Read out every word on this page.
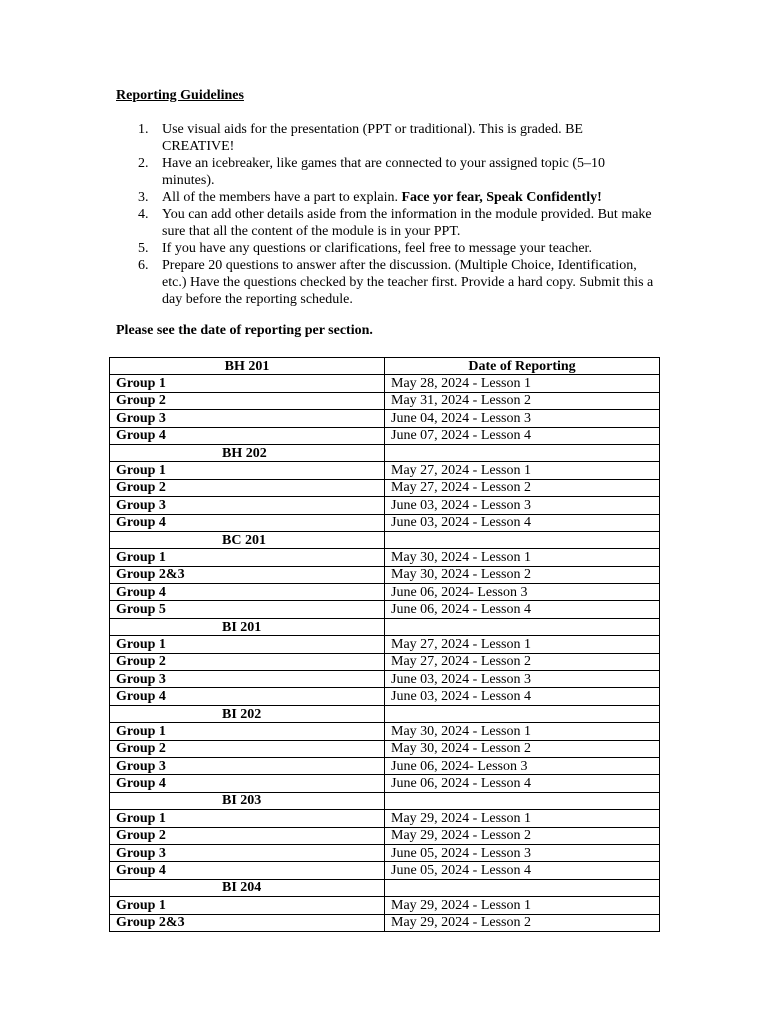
Reporting Guidelines
1. Use visual aids for the presentation (PPT or traditional). This is graded. BE CREATIVE!
2. Have an icebreaker, like games that are connected to your assigned topic (5–10 minutes).
3. All of the members have a part to explain. Face yor fear, Speak Confidently!
4. You can add other details aside from the information in the module provided. But make sure that all the content of the module is in your PPT.
5. If you have any questions or clarifications, feel free to message your teacher.
6. Prepare 20 questions to answer after the discussion. (Multiple Choice, Identification, etc.) Have the questions checked by the teacher first. Provide a hard copy. Submit this a day before the reporting schedule.
Please see the date of reporting per section.
BH 201	Date of Reporting
Group 1	May 28, 2024 - Lesson 1
Group 2	May 31, 2024 - Lesson 2
Group 3	June 04, 2024 - Lesson 3
Group 4	June 07, 2024 - Lesson 4
BH 202	
Group 1	May 27, 2024 - Lesson 1
Group 2	May 27, 2024 - Lesson 2
Group 3	June 03, 2024 - Lesson 3
Group 4	June 03, 2024 - Lesson 4
BC 201	
Group 1	May 30, 2024 - Lesson 1
Group 2&3	May 30, 2024 - Lesson 2
Group 4	June 06, 2024- Lesson 3
Group 5	June 06, 2024 - Lesson 4
BI 201	
Group 1	May 27, 2024 - Lesson 1
Group 2	May 27, 2024 - Lesson 2
Group 3	June 03, 2024 - Lesson 3
Group 4	June 03, 2024 - Lesson 4
BI 202	
Group 1	May 30, 2024 - Lesson 1
Group 2	May 30, 2024 - Lesson 2
Group 3	June 06, 2024- Lesson 3
Group 4	June 06, 2024 - Lesson 4
BI 203	
Group 1	May 29, 2024 - Lesson 1
Group 2	May 29, 2024 - Lesson 2
Group 3	June 05, 2024 - Lesson 3
Group 4	June 05, 2024 - Lesson 4
BI 204	
Group 1	May 29, 2024 - Lesson 1
Group 2&3	May 29, 2024 - Lesson 2
